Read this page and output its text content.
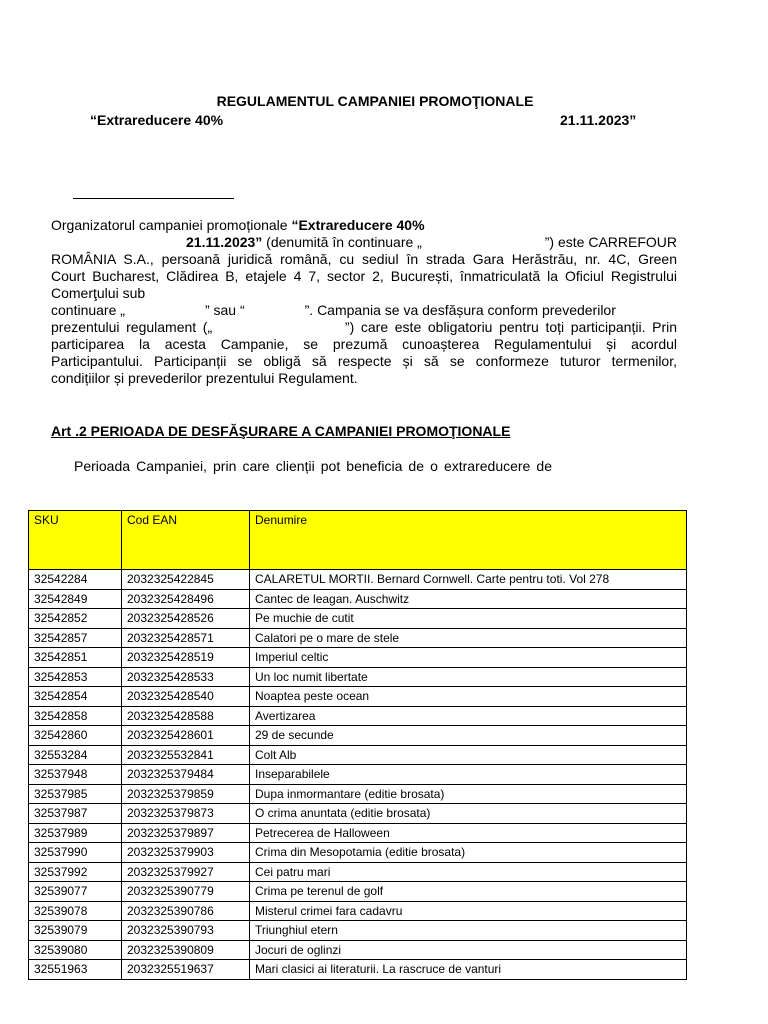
REGULAMENTUL CAMPANIEI PROMOŢIONALE
“Extrareducere 40%	21.11.2023”
Organizatorul campaniei promoționale “Extrareducere 40%
21.11.2023” (denumită în continuare „	”) este CARREFOUR
ROMÂNIA S.A., persoană juridică română, cu sediul în strada Gara Herăstrău, nr. 4C, Green
Court Bucharest, Clădirea B, etajele 4 7, sector 2, București, înmatriculată la Oficiul Registrului
Comerţului sub
continuare „	” sau “	”. Campania se va desfășura conform prevederilor
prezentului regulament („                    ”) care este obligatoriu pentru toți participanții. Prin
participarea la acesta Campanie, se prezumă cunoașterea Regulamentului și acordul
Participantului. Participanții se obligă să respecte și să se conformeze tuturor termenilor,
condițiilor și prevederilor prezentului Regulament.
Art .2 PERIOADA DE DESFĂŞURARE A CAMPANIEI PROMOŢIONALE
Perioada Campaniei, prin care clienții pot beneficia de o extrareducere de
SKU	Cod EAN	Denumire
32542284	2032325422845	CALARETUL MORTII. Bernard Cornwell. Carte pentru toti. Vol 278
32542849	2032325428496	Cantec de leagan. Auschwitz
32542852	2032325428526	Pe muchie de cutit
32542857	2032325428571	Calatori pe o mare de stele
32542851	2032325428519	Imperiul celtic
32542853	2032325428533	Un loc numit libertate
32542854	2032325428540	Noaptea peste ocean
32542858	2032325428588	Avertizarea
32542860	2032325428601	29 de secunde
32553284	2032325532841	Colt Alb
32537948	2032325379484	Inseparabilele
32537985	2032325379859	Dupa inmormantare (editie brosata)
32537987	2032325379873	O crima anuntata (editie brosata)
32537989	2032325379897	Petrecerea de Halloween
32537990	2032325379903	Crima din Mesopotamia (editie brosata)
32537992	2032325379927	Cei patru mari
32539077	2032325390779	Crima pe terenul de golf
32539078	2032325390786	Misterul crimei fara cadavru
32539079	2032325390793	Triunghiul etern
32539080	2032325390809	Jocuri de oglinzi
32551963	2032325519637	Mari clasici ai literaturii. La rascruce de vanturi
